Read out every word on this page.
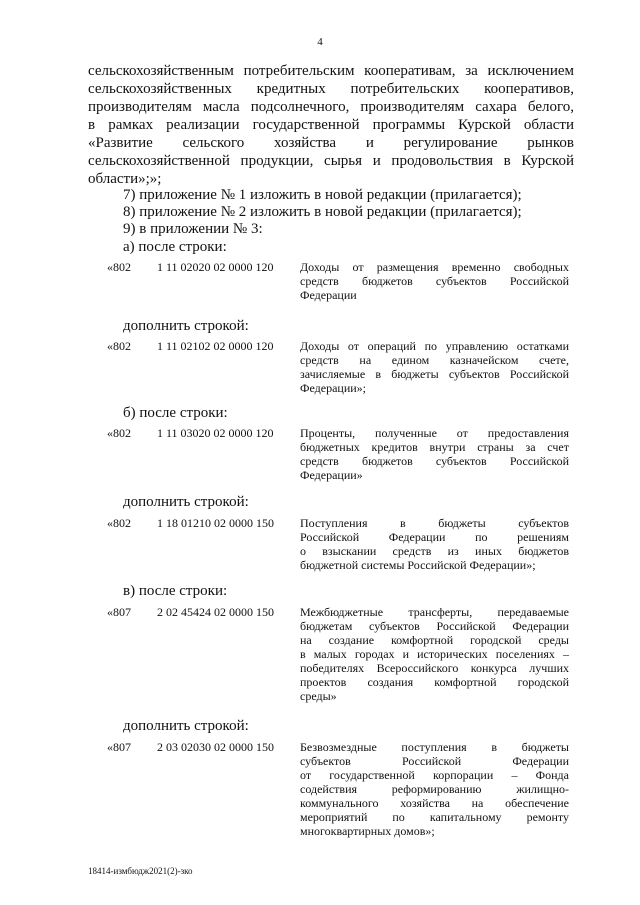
4
сельскохозяйственным потребительским кооперативам, за исключением
сельскохозяйственных кредитных потребительских кооперативов,
производителям масла подсолнечного, производителям сахара белого,
в рамках реализации государственной программы Курской области
«Развитие сельского хозяйства и регулирование рынков
сельскохозяйственной продукции, сырья и продовольствия в Курской
области»;»;
7) приложение № 1 изложить в новой редакции (прилагается);
8) приложение № 2 изложить в новой редакции (прилагается);
9) в приложении № 3:
а) после строки:
«802 1 11 02020 02 0000 120 Доходы от размещения временно свободных
средств бюджетов субъектов Российской
Федерации
дополнить строкой:
«802 1 11 02102 02 0000 120 Доходы от операций по управлению остатками
средств на едином казначейском счете,
зачисляемые в бюджеты субъектов Российской
Федерации»;
б) после строки:
«802 1 11 03020 02 0000 120 Проценты, полученные от предоставления
бюджетных кредитов внутри страны за счет
средств бюджетов субъектов Российской
Федерации»
дополнить строкой:
«802 1 18 01210 02 0000 150 Поступления в бюджеты субъектов
Российской Федерации по решениям
о взыскании средств из иных бюджетов
бюджетной системы Российской Федерации»;
в) после строки:
«807 2 02 45424 02 0000 150 Межбюджетные трансферты, передаваемые
бюджетам субъектов Российской Федерации
на создание комфортной городской среды
в малых городах и исторических поселениях –
победителях Всероссийского конкурса лучших
проектов создания комфортной городской
среды»
дополнить строкой:
«807 2 03 02030 02 0000 150 Безвозмездные поступления в бюджеты
субъектов Российской Федерации
от государственной корпорации – Фонда
содействия реформированию жилищно-
коммунального хозяйства на обеспечение
мероприятий по капитальному ремонту
многоквартирных домов»;
18414-измбюдж2021(2)-зко
